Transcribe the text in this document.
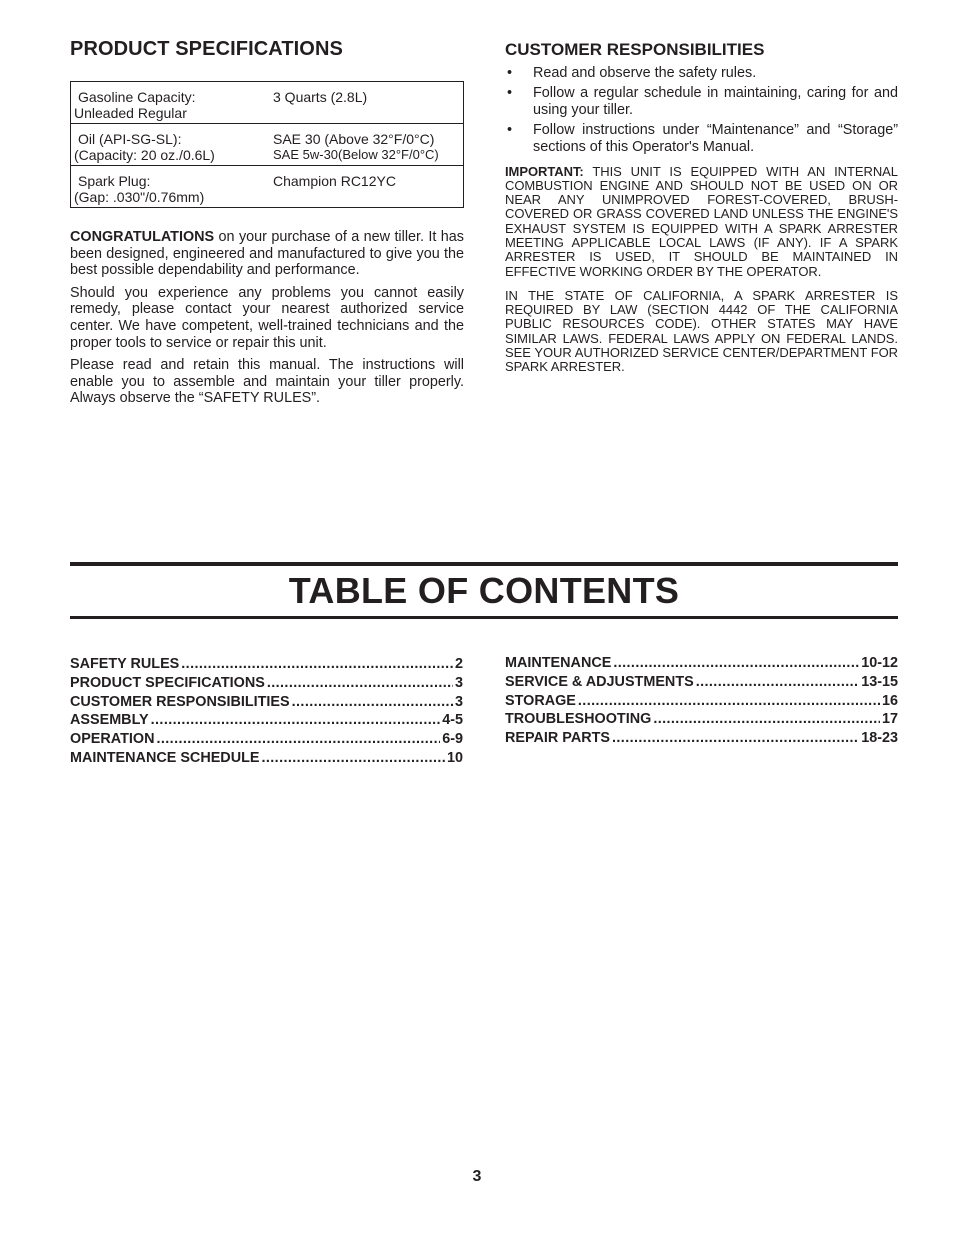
PRODUCT SPECIFICATIONS
Gasoline Capacity:
Unleaded Regular	3 Quarts (2.8L)

Oil (API-SG-SL):
(Capacity: 20 oz./0.6L)	SAE 30 (Above 32°F/0°C)
SAE 5w-30(Below 32°F/0°C)

Spark Plug:
(Gap: .030"/0.76mm)	Champion RC12YC

CONGRATULATIONS on your purchase of a new tiller. It has been designed, engineered and manufactured to give you the best possible dependability and performance.

Should you experience any problems you cannot easily remedy, please contact your nearest authorized service center. We have competent, well-trained technicians and the proper tools to service or repair this unit.

Please read and retain this manual. The instructions will enable you to assemble and maintain your tiller properly. Always observe the “SAFETY RULES”.

CUSTOMER RESPONSIBILITIES
• Read and observe the safety rules.
• Follow a regular schedule in maintaining, caring for and using your tiller.
• Follow instructions under “Maintenance” and “Storage” sections of this Operator's Manual.

IMPORTANT: THIS UNIT IS EQUIPPED WITH AN INTERNAL COMBUSTION ENGINE AND SHOULD NOT BE USED ON OR NEAR ANY UNIMPROVED FOREST-COVERED, BRUSH-COVERED OR GRASS COVERED LAND UNLESS THE ENGINE'S EXHAUST SYSTEM IS EQUIPPED WITH A SPARK ARRESTER MEETING APPLICABLE LOCAL LAWS (IF ANY). IF A SPARK ARRESTER IS USED, IT SHOULD BE MAINTAINED IN EFFECTIVE WORKING ORDER BY THE OPERATOR.

IN THE STATE OF CALIFORNIA, A SPARK ARRESTER IS REQUIRED BY LAW (SECTION 4442 OF THE CALIFORNIA PUBLIC RESOURCES CODE). OTHER STATES MAY HAVE SIMILAR LAWS. FEDERAL LAWS APPLY ON FEDERAL LANDS. SEE YOUR AUTHORIZED SERVICE CENTER/DEPARTMENT FOR SPARK ARRESTER.

TABLE OF CONTENTS
SAFETY RULES .....	2
PRODUCT SPECIFICATIONS .....	3
CUSTOMER RESPONSIBILITIES .....	3
ASSEMBLY .....	4-5
OPERATION .....	6-9
MAINTENANCE SCHEDULE .....	10
MAINTENANCE .....	10-12
SERVICE & ADJUSTMENTS .....	13-15
STORAGE .....	16
TROUBLESHOOTING .....	17
REPAIR PARTS .....	18-23
3
